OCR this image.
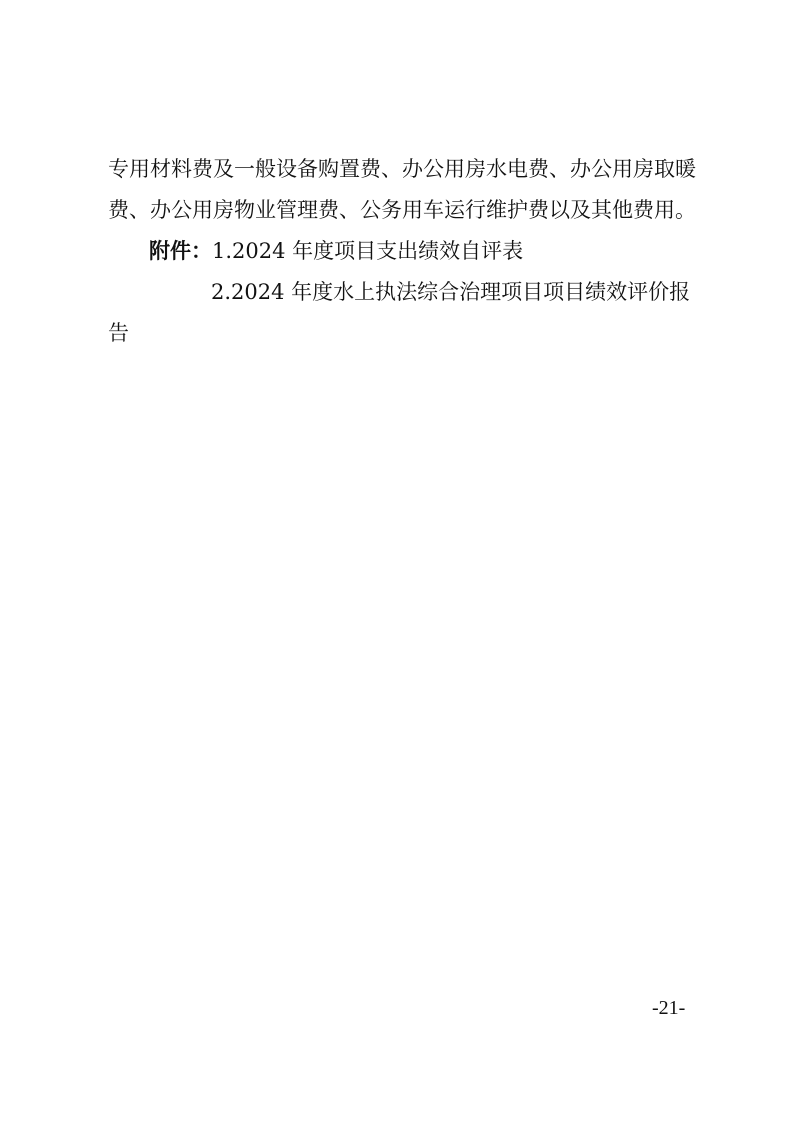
专 用 材 料 费 及 一 般 设 备 购 置 费 、 办 公 用 房 水 电 费 、 办 公 用 房 取 暖
费 、 办 公 用 房 物 业 管 理 费 、 公 务 用 车 运 行 维 护 费 以 及 其 他 费 用 。
附件：1.2024 年度项目支出绩效自评表
2.2024 年度水上执法综合治理项目项目绩效评价报
告
-21-
